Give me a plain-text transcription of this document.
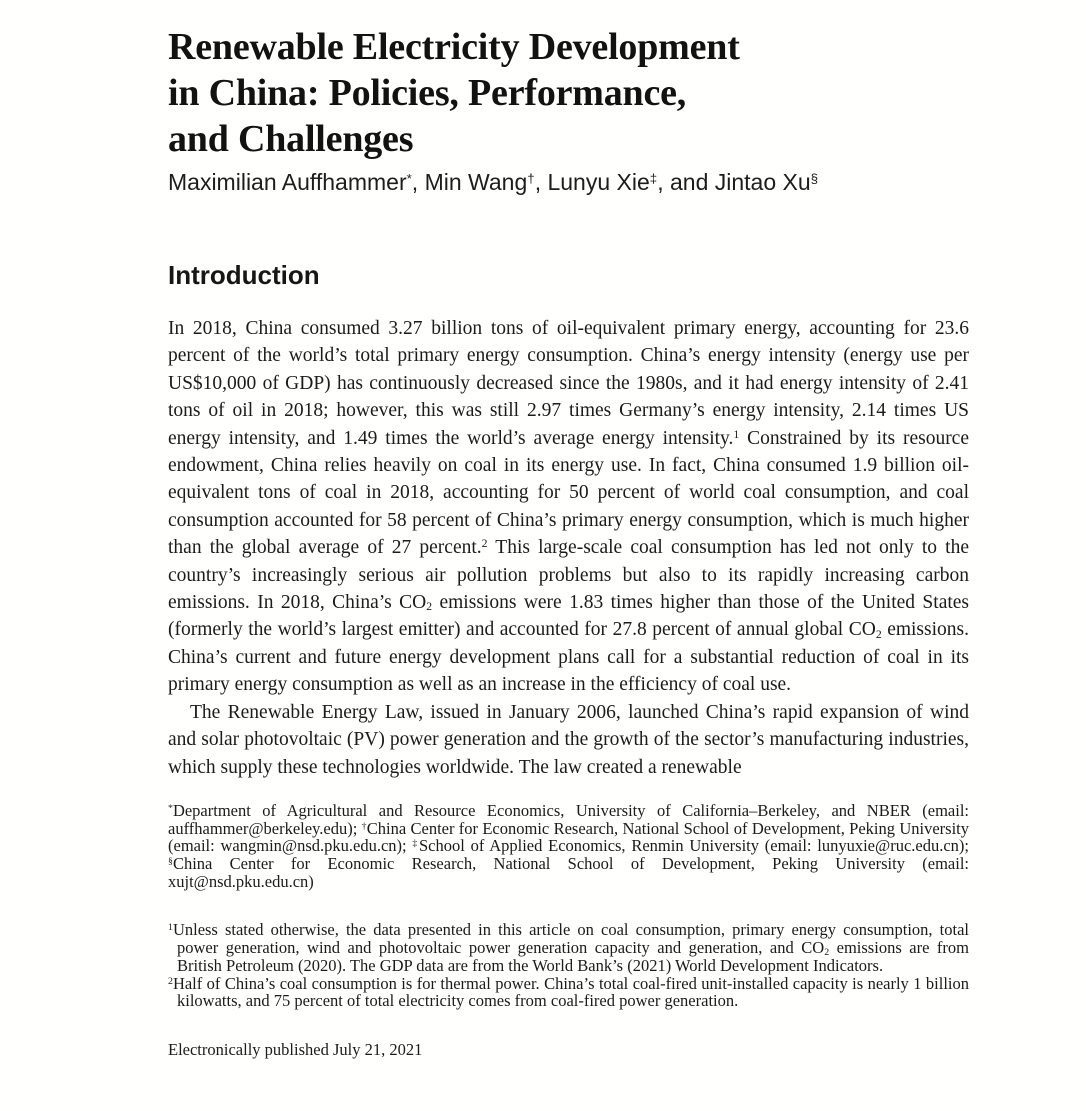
Renewable Electricity Development
in China: Policies, Performance,
and Challenges
Maximilian Auffhammer*, Min Wang†, Lunyu Xie‡, and Jintao Xu§
Introduction

In 2018, China consumed 3.27 billion tons of oil-equivalent primary energy, accounting for 23.6 percent of the world’s total primary energy consumption. China’s energy intensity (energy use per US$10,000 of GDP) has continuously decreased since the 1980s, and it had energy intensity of 2.41 tons of oil in 2018; however, this was still 2.97 times Germany’s energy intensity, 2.14 times US energy intensity, and 1.49 times the world’s average energy intensity.$^1$ Constrained by its resource endowment, China relies heavily on coal in its energy use. In fact, China consumed 1.9 billion oil-equivalent tons of coal in 2018, accounting for 50 percent of world coal consumption, and coal consumption accounted for 58 percent of China’s primary energy consumption, which is much higher than the global average of 27 percent.$^2$ This large-scale coal consumption has led not only to the country’s increasingly serious air pollution problems but also to its rapidly increasing carbon emissions. In 2018, China’s $CO_2$ emissions were 1.83 times higher than those of the United States (formerly the world’s largest emitter) and accounted for 27.8 percent of annual global $CO_2$ emissions. China’s current and future energy development plans call for a substantial reduction of coal in its primary energy consumption as well as an increase in the efficiency of coal use.

The Renewable Energy Law, issued in January 2006, launched China’s rapid expansion of wind and solar photovoltaic (PV) power generation and the growth of the sector’s manufacturing industries, which supply these technologies worldwide. The law created a renewable

*Department of Agricultural and Resource Economics, University of California–Berkeley, and NBER (email: auffhammer@berkeley.edu); †China Center for Economic Research, National School of Development, Peking University (email: wangmin@nsd.pku.edu.cn); ‡School of Applied Economics, Renmin University (email: lunyuxie@ruc.edu.cn); §China Center for Economic Research, National School of Development, Peking University (email: xujt@nsd.pku.edu.cn)

$^1$Unless stated otherwise, the data presented in this article on coal consumption, primary energy consumption, total power generation, wind and photovoltaic power generation capacity and generation, and $CO_2$ emissions are from British Petroleum (2020). The GDP data are from the World Bank’s (2021) World Development Indicators.

$^2$Half of China’s coal consumption is for thermal power. China’s total coal-fired unit-installed capacity is nearly 1 billion kilowatts, and 75 percent of total electricity comes from coal-fired power generation.

Electronically published July 21, 2021
